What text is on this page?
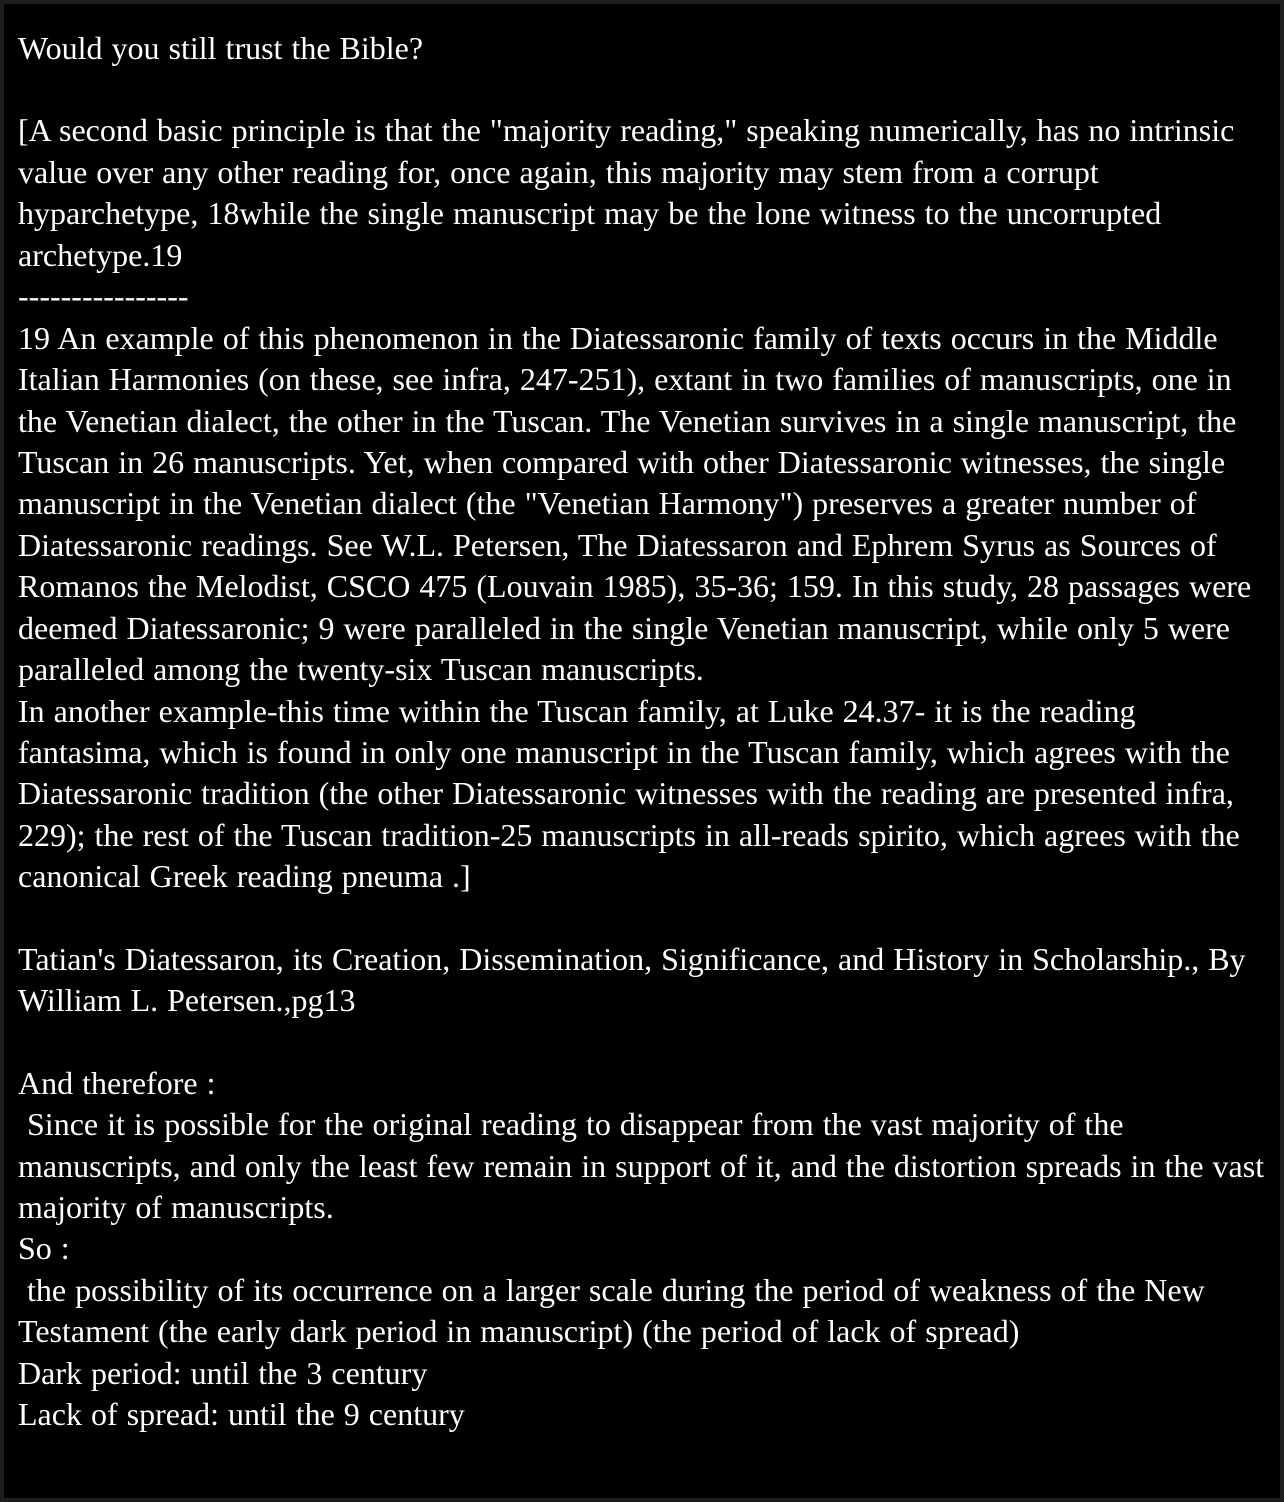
Would you still trust the Bible?
[A second basic principle is that the "majority reading," speaking numerically, has no intrinsic value over any other reading for, once again, this majority may stem from a corrupt hyparchetype, 18while the single manuscript may be the lone witness to the uncorrupted archetype.19
----------------
19 An example of this phenomenon in the Diatessaronic family of texts occurs in the Middle Italian Harmonies (on these, see infra, 247-251), extant in two families of manuscripts, one in the Venetian dialect, the other in the Tuscan. The Venetian survives in a single manuscript, the Tuscan in 26 manuscripts. Yet, when compared with other Diatessaronic witnesses, the single manuscript in the Venetian dialect (the "Venetian Harmony") preserves a greater number of Diatessaronic readings. See W.L. Petersen, The Diatessaron and Ephrem Syrus as Sources of Romanos the Melodist, CSCO 475 (Louvain 1985), 35-36; 159. In this study, 28 passages were deemed Diatessaronic; 9 were paralleled in the single Venetian manuscript, while only 5 were paralleled among the twenty-six Tuscan manuscripts.
In another example-this time within the Tuscan family, at Luke 24.37- it is the reading fantasima, which is found in only one manuscript in the Tuscan family, which agrees with the Diatessaronic tradition (the other Diatessaronic witnesses with the reading are presented infra, 229); the rest of the Tuscan tradition-25 manuscripts in all-reads spirito, which agrees with the canonical Greek reading pneuma .]
Tatian's Diatessaron, its Creation, Dissemination, Significance, and History in Scholarship., By William L. Petersen.,pg13
And therefore :
Since it is possible for the original reading to disappear from the vast majority of the manuscripts, and only the least few remain in support of it, and the distortion spreads in the vast majority of manuscripts.
So :
the possibility of its occurrence on a larger scale during the period of weakness of the New Testament (the early dark period in manuscript) (the period of lack of spread)
Dark period: until the 3 century
Lack of spread: until the 9 century
